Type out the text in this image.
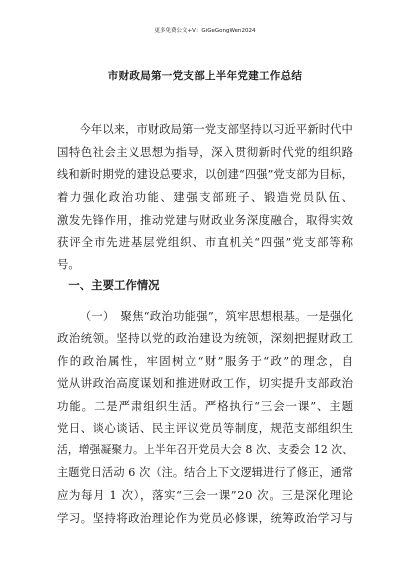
更多免费公文+V：GiGeGongWen2024
市财政局第一党支部上半年党建工作总结
今年以来，市财政局第一党支部坚持以习近平新时代中
国特色社会主义思想为指导，深入贯彻新时代党的组织路
线和新时期党的建设总要求，以创建“四强”党支部为目标，
着力强化政治功能、建强支部班子、锻造党员队伍、
激发先锋作用，推动党建与财政业务深度融合，取得实效
获评全市先进基层党组织、市直机关“四强”党支部等称
号。
一、主要工作情况
（一）　聚焦“政治功能强”，筑牢思想根基。一是强化
政治统领。坚持以党的政治建设为统领，深刻把握财政工
作的政治属性，牢固树立“财”服务于“政”的理念，自
觉从讲政治高度谋划和推进财政工作，切实提升支部政治
功能。二是严肃组织生活。严格执行“三会一课”、主题
党日、谈心谈话、民主评议党员等制度，规范支部组织生
活，增强凝聚力。上半年召开党员大会 8 次、支委会 12 次、
主题党日活动 6 次（注。结合上下文逻辑进行了修正，通常
应为每月 1 次），落实“三会一课”20 次。三是深化理论
学习。坚持将政治理论作为党员必修课，统筹政治学习与
